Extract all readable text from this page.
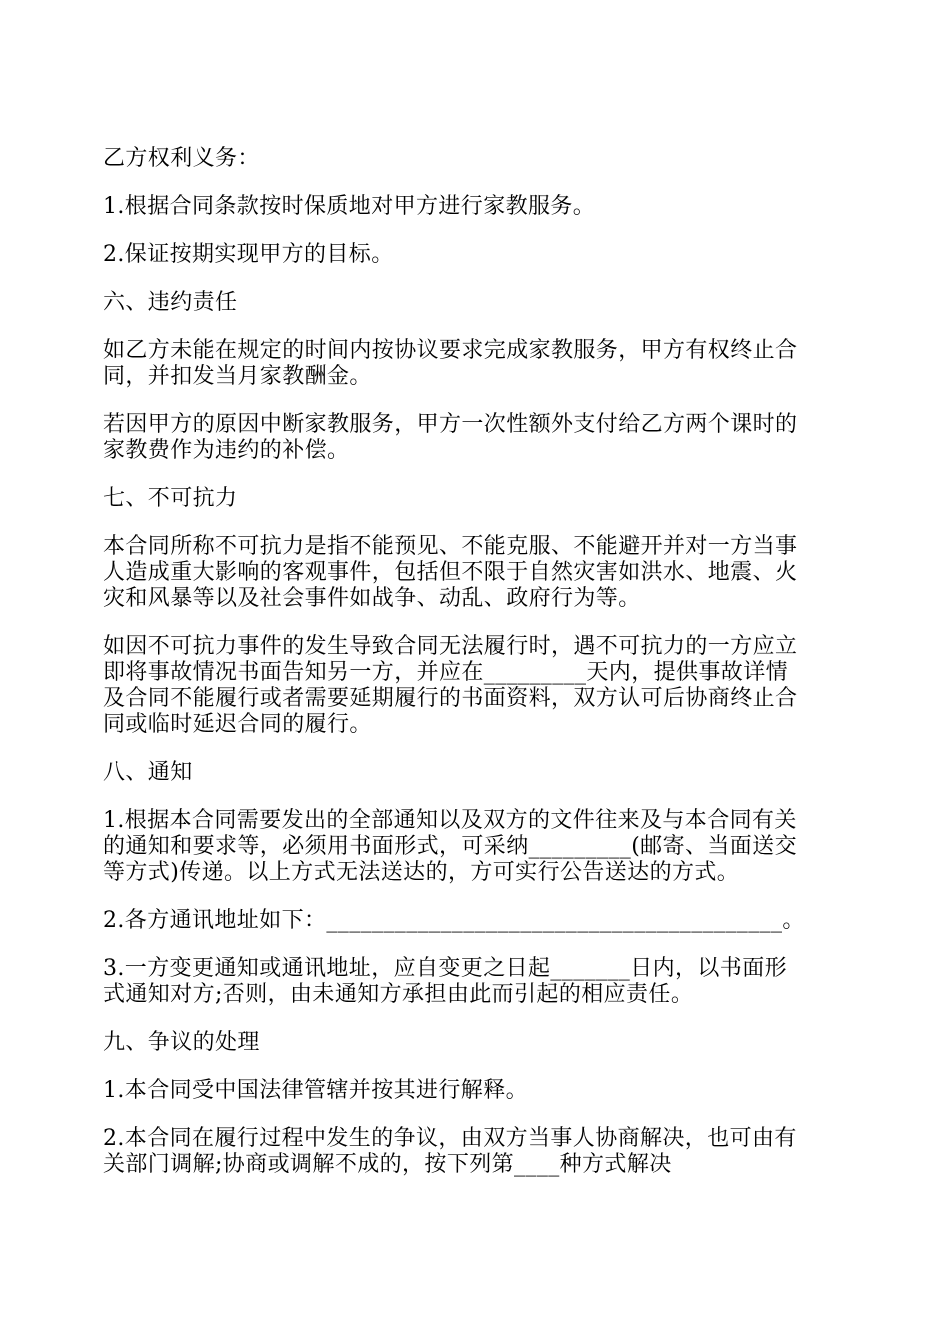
乙方权利义务：

1.根据合同条款按时保质地对甲方进行家教服务。

2.保证按期实现甲方的目标。

六、违约责任

如乙方未能在规定的时间内按协议要求完成家教服务，甲方有权终止合
同，并扣发当月家教酬金。

若因甲方的原因中断家教服务，甲方一次性额外支付给乙方两个课时的
家教费作为违约的补偿。

七、不可抗力

本合同所称不可抗力是指不能预见、不能克服、不能避开并对一方当事
人造成重大影响的客观事件，包括但不限于自然灾害如洪水、地震、火
灾和风暴等以及社会事件如战争、动乱、政府行为等。

如因不可抗力事件的发生导致合同无法履行时，遇不可抗力的一方应立
即将事故情况书面告知另一方，并应在_________天内，提供事故详情
及合同不能履行或者需要延期履行的书面资料，双方认可后协商终止合
同或临时延迟合同的履行。

八、通知

1.根据本合同需要发出的全部通知以及双方的文件往来及与本合同有关
的通知和要求等，必须用书面形式，可采纳_________(邮寄、当面送交
等方式)传递。以上方式无法送达的，方可实行公告送达的方式。

2.各方通讯地址如下：________________________________________。

3.一方变更通知或通讯地址，应自变更之日起_______日内，以书面形
式通知对方;否则，由未通知方承担由此而引起的相应责任。

九、争议的处理

1.本合同受中国法律管辖并按其进行解释。

2.本合同在履行过程中发生的争议，由双方当事人协商解决，也可由有
关部门调解;协商或调解不成的，按下列第____种方式解决
